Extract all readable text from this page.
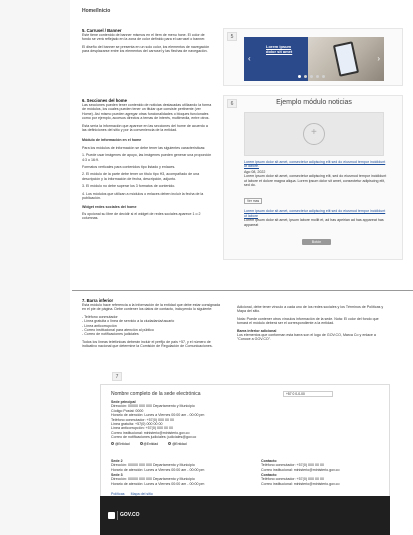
Home/Inicio
5. Carrusel / Banner

Este tiene contenido de banner mismos en el item de menu hone. El color de fondo se verá reflejado en la zona de color definido para el carrusel o banner.

El diseño del banner se presenta en un solo color, los elementos de navegación para desplazarse entre los elementos del carrusel y las flechas de navegación.

5
‹	›
Lorem ipsum dolor sit amet
6. Secciones del home

Las secciones pueden tener contenido de noticias destacadas utilizando la forma de módulos, los cuales pueden tener un titular que consiste pertinente (ver Home). Así mismo pueden agregar otras funcionalidades o bloques funcionales como por ejemplo, accesos directos a temas de interés, multimedia, entre otros.

Esta sería la información que aparece en las secciones del home de acuerdo a las definiciones del sitio y por la conveniencia de la entidad.

Módulo de información en el home

Para los módulos de información se debe tener las siguientes características:

1. Puede usar imágenes de apoyo, las imágenes pueden generar una proporción 4:3 o 16:9.

Formatos verticales para contenidos tipo listado y enlaces.

2. El módulo de la parte debe tener un título tipo H3, acompañado de una descripción y la información de fecha, descripción, adjunto.

3. El módulo no debe superar los 3 formatos de contenido.

4. Los módulos que utilizan a módulos o enlaces deben incluir la fecha de la publicación.

Widget redes sociales del home

Es opcional su libre de decidir si el widget de redes sociales aparece 1 o 2 columnas.

6	Ejemplo módulo noticias
+

Lorem ipsum dolor sit amet, consectetur adipiscing elit sed do eiusmod tempor incididunt ut labore.

Ago 08, 2022

Lorem ipsum dolor sit amet, consectetur adipiscing elit, sed do eiusmod tempor incididunt ut labore et dolore magna aliqua. Lorem ipsum dolor sit amet, consectetur adipiscing elit, sed do.

Ver mas

Lorem ipsum dolor sit amet, consectetur adipiscing elit sed do eiusmod tempor incididunt ut labore

Lorem ipsum dolor sit amet, ipsum labore mollit et, ad has apeirian ad has appareat has appareat

Botón

7. Barra inferior

Esta módulo hace referencia a la información de la entidad que debe estar consignada en el pie de página. Debe contener los datos de contacto, incluyendo lo siguiente:

- Teléfono conmutador

- Línea gratuita o línea de servicio a la ciudadanía/usuario

- Línea anticorrupción

- Correo institucional para atención al público

- Correo de notificaciones judiciales

Todos los líneas telefónicas deberán incluir el prefijo de país +57, y el número de indicativo nacional que determine la Comisión de Regulación de Comunicaciones.

Adicional, debe tener vínculo a cada uno de los redes sociales y los Términos de Políticas y Mapa del sitio.

Nota: Puede contener otros vínculos información de la sede. Nota: El color del fondo que tomará el módulo deberá ser el correspondiente a la entidad.

Barra inferior adicional

Los elementos que conforman esta barra son el logo de GOV.CO, Marca Co y enlace a "Conoce a GOV.CO".

7
Nombre completo de la sede electrónica	+57 0 0-0-00

Sede principal

Dirección: 00000 000 000 Departamento y Municipio

Código Postal: 0000

Horario de atención: Lunes a Viernes 00:00 am - 00:00 pm

Teléfono conmutador: +57(0) 000 00 00

Línea gratuita: +57(0) 000 00 00

Línea anticorrupción: +57(0) 000 00 00

Correo institucional: ministerio@ministerio.gov.co

Correo de notificaciones judiciales: judiciales@gov.co

@Entidad	@Entidad	@Entidad

Sede 2

Dirección: 00000 000 000 Departamento y Municipio

Horario de atención: Lunes a Viernes 00:00 am - 00:00 pm

Contacto

Teléfono conmutador: +57(0) 000 00 00

Correo institucional: ministerio@ministerio.gov.co

Sede 3

Dirección: 00000 000 000 Departamento y Municipio

Horario de atención: Lunes a Viernes 00:00 am - 00:00 pm

Contacto

Teléfono conmutador: +57(0) 000 00 00

Correo institucional: ministerio@ministerio.gov.co

Políticas Mapa del sitio
GOV.CO
